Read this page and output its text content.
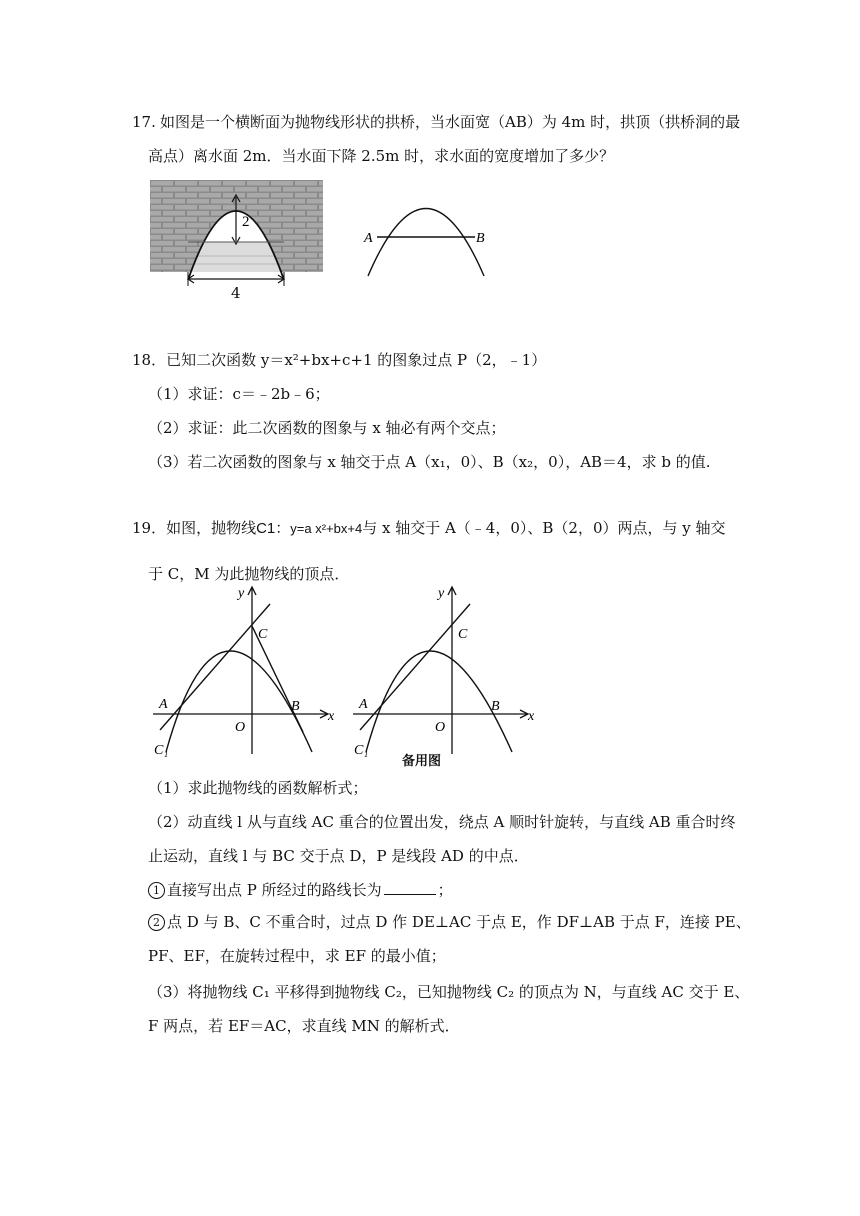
17. 如图是一个横断面为抛物线形状的拱桥，当水面宽（AB）为 4m 时，拱顶（拱桥洞的最
高点）离水面 2m．当水面下降 2.5m 时，求水面的宽度增加了多少？
2
4
A	B
18．已知二次函数 y＝x²+bx+c+1 的图象过点 P（2，﹣1）
（1）求证：c＝﹣2b﹣6；
（2）求证：此二次函数的图象与 x 轴必有两个交点；
（3）若二次函数的图象与 x 轴交于点 A（x₁，0）、B（x₂，0），AB＝4，求 b 的值.
19．如图，抛物线C1：y=a x²+bx+4与 x 轴交于 A（﹣4，0）、B（2，0）两点，与 y 轴交
于 C，M 为此抛物线的顶点．
y
x
A	B
C
O
C₁
y
x
A	B
C
O
C₁
备用图
（1）求此抛物线的函数解析式；
（2）动直线 l 从与直线 AC 重合的位置出发，绕点 A 顺时针旋转，与直线 AB 重合时终
止运动，直线 l 与 BC 交于点 D，P 是线段 AD 的中点．
1 直接写出点 P 所经过的路线长为	；
2 点 D 与 B、C 不重合时，过点 D 作 DE⊥AC 于点 E，作 DF⊥AB 于点 F，连接 PE、
PF、EF，在旋转过程中，求 EF 的最小值；
（3）将抛物线 C₁ 平移得到抛物线 C₂，已知抛物线 C₂ 的顶点为 N，与直线 AC 交于 E、
F 两点，若 EF＝AC，求直线 MN 的解析式．
